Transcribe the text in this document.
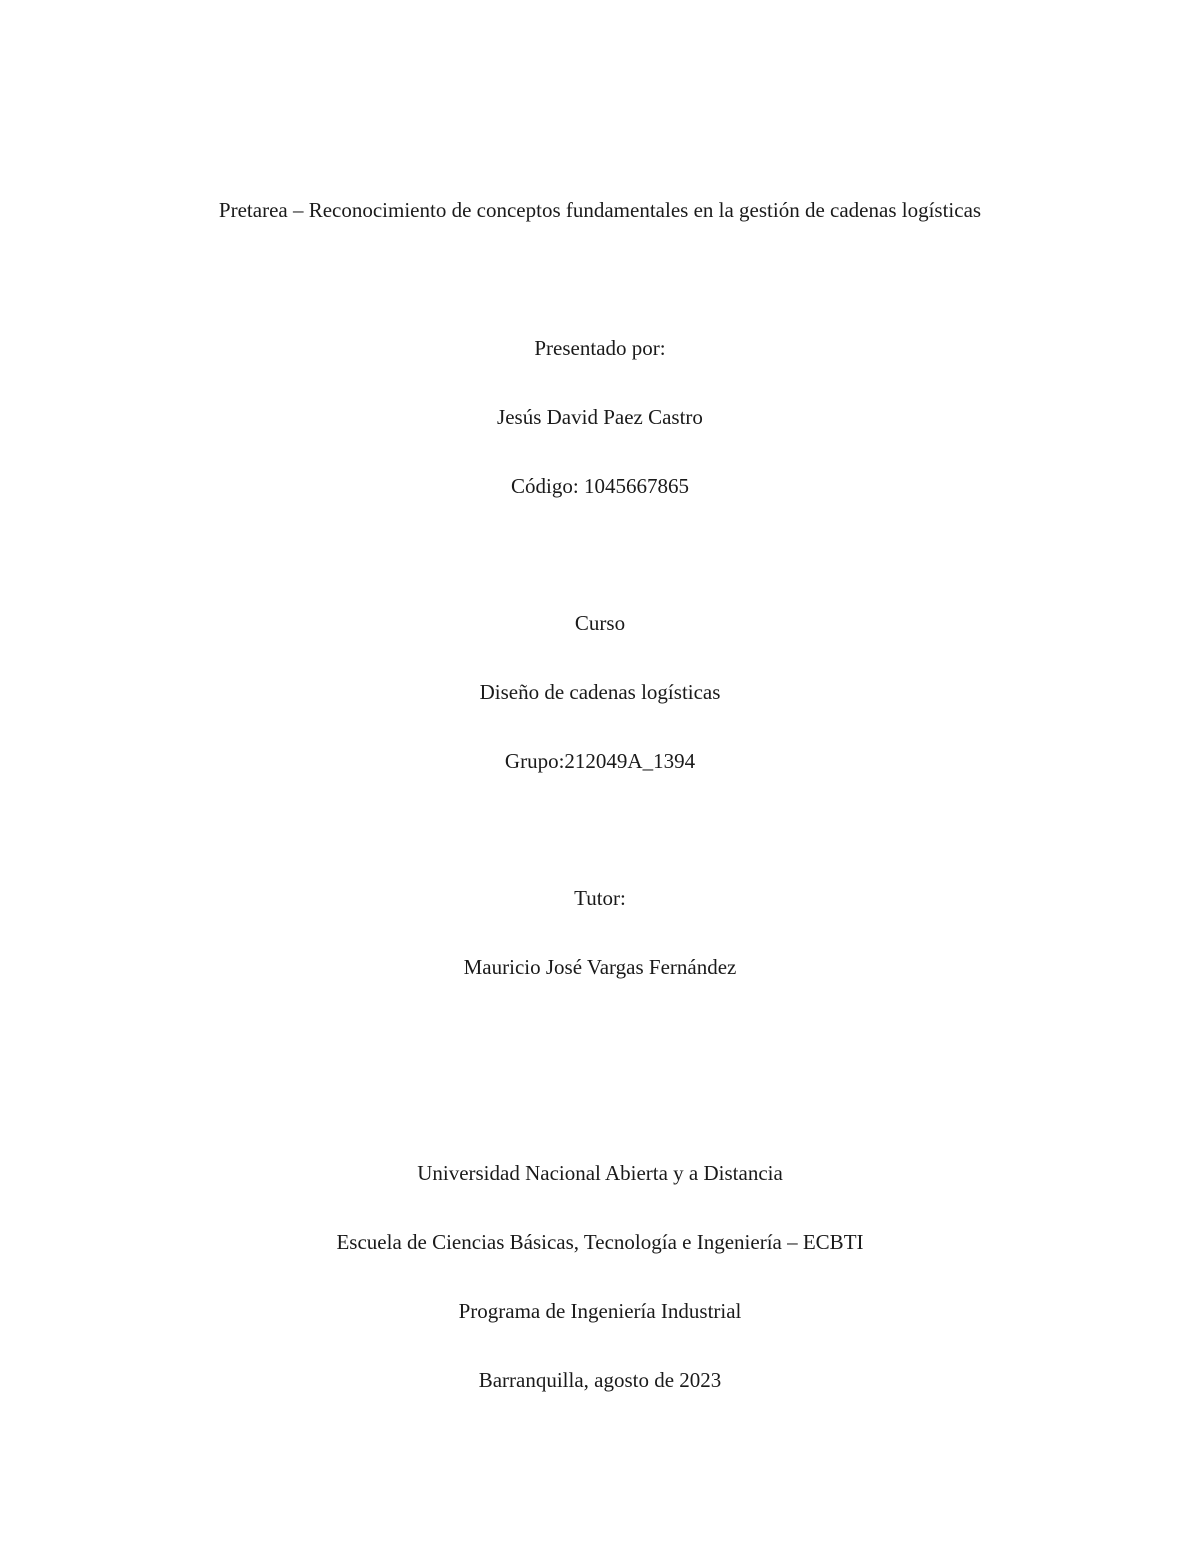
Pretarea – Reconocimiento de conceptos fundamentales en la gestión de cadenas logísticas
Presentado por:
Jesús David Paez Castro
Código: 1045667865
Curso
Diseño de cadenas logísticas
Grupo:212049A_1394
Tutor:
Mauricio José Vargas Fernández
Universidad Nacional Abierta y a Distancia
Escuela de Ciencias Básicas, Tecnología e Ingeniería – ECBTI
Programa de Ingeniería Industrial
Barranquilla, agosto de 2023
